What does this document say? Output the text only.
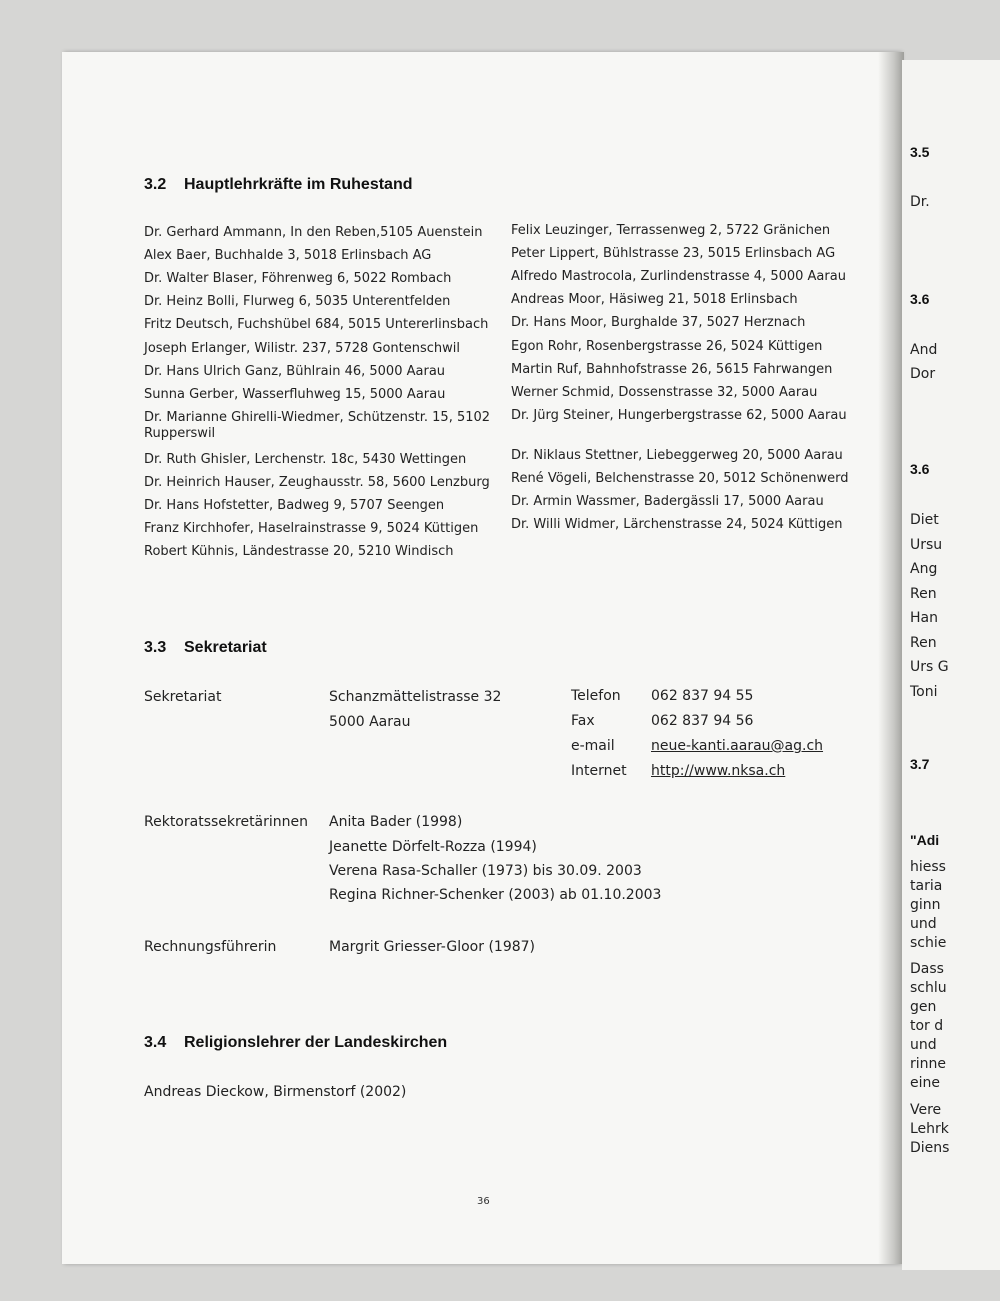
3.2 Hauptlehrkräfte im Ruhestand
Dr. Gerhard Ammann, In den Reben,5105 Auenstein
Alex Baer, Buchhalde 3, 5018 Erlinsbach AG
Dr. Walter Blaser, Föhrenweg 6, 5022 Rombach
Dr. Heinz Bolli, Flurweg 6, 5035 Unterentfelden
Fritz Deutsch, Fuchshübel 684, 5015 Untererlinsbach
Joseph Erlanger, Wilistr. 237, 5728 Gontenschwil
Dr. Hans Ulrich Ganz, Bühlrain 46, 5000 Aarau
Sunna Gerber, Wasserfluhweg 15, 5000 Aarau
Dr. Marianne Ghirelli-Wiedmer, Schützenstr. 15, 5102 Rupperswil
Dr. Ruth Ghisler, Lerchenstr. 18c, 5430 Wettingen
Dr. Heinrich Hauser, Zeughausstr. 58, 5600 Lenzburg
Dr. Hans Hofstetter, Badweg 9, 5707 Seengen
Franz Kirchhofer, Haselrainstrasse 9, 5024 Küttigen
Robert Kühnis, Ländestrasse 20, 5210 Windisch
Felix Leuzinger, Terrassenweg 2, 5722 Gränichen
Peter Lippert, Bühlstrasse 23, 5015 Erlinsbach AG
Alfredo Mastrocola, Zurlindenstrasse 4, 5000 Aarau
Andreas Moor, Häsiweg 21, 5018 Erlinsbach
Dr. Hans Moor, Burghalde 37, 5027 Herznach
Egon Rohr, Rosenbergstrasse 26, 5024 Küttigen
Martin Ruf, Bahnhofstrasse 26, 5615 Fahrwangen
Werner Schmid, Dossenstrasse 32, 5000 Aarau
Dr. Jürg Steiner, Hungerbergstrasse 62, 5000 Aarau
Dr. Niklaus Stettner, Liebeggerweg 20, 5000 Aarau
René Vögeli, Belchenstrasse 20, 5012 Schönenwerd
Dr. Armin Wassmer, Badergässli 17, 5000 Aarau
Dr. Willi Widmer, Lärchenstrasse 24, 5024 Küttigen
3.3 Sekretariat
Sekretariat	Schanzmättelistrasse 32
5000 Aarau
Telefon 062 837 94 55
Fax	062 837 94 56
e-mail	neue-kanti.aarau@ag.ch
Internet http://www.nksa.ch
Rektoratssekretärinnen Anita Bader (1998)
Jeanette Dörfelt-Rozza (1994)
Verena Rasa-Schaller (1973) bis 30.09. 2003
Regina Richner-Schenker (2003) ab 01.10.2003
Rechnungsführerin	Margrit Griesser-Gloor (1987)
3.4 Religionslehrer der Landeskirchen
Andreas Dieckow, Birmenstorf (2002)
36
3.5
Dr.
3.6
And
Dor
3.6
Diet
Ursu
Ang
Ren
Han
Ren
Urs G
Toni
3.7
"Adi
hiess
taria
ginn
und
schie
Dass
schlu
gen
tor d
und
rinne
eine
Vere
Lehrk
Diens
